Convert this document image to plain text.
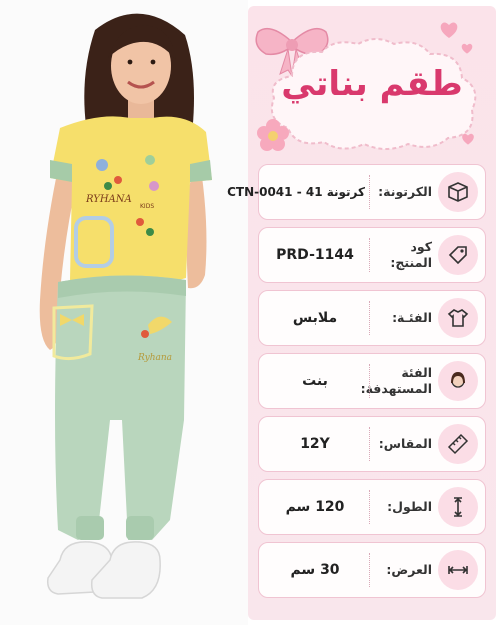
RYHANA
KIDS
Ryhana
طقم بناتي
الكرتونة:
كرتونة 41 - CTN-0041
كود المنتج:
PRD-1144
الفئـة:
ملابس
الفئة المستهدفة:
بنت
المقاس:
12Y
الطول:
120 سم
العرض:
30 سم
